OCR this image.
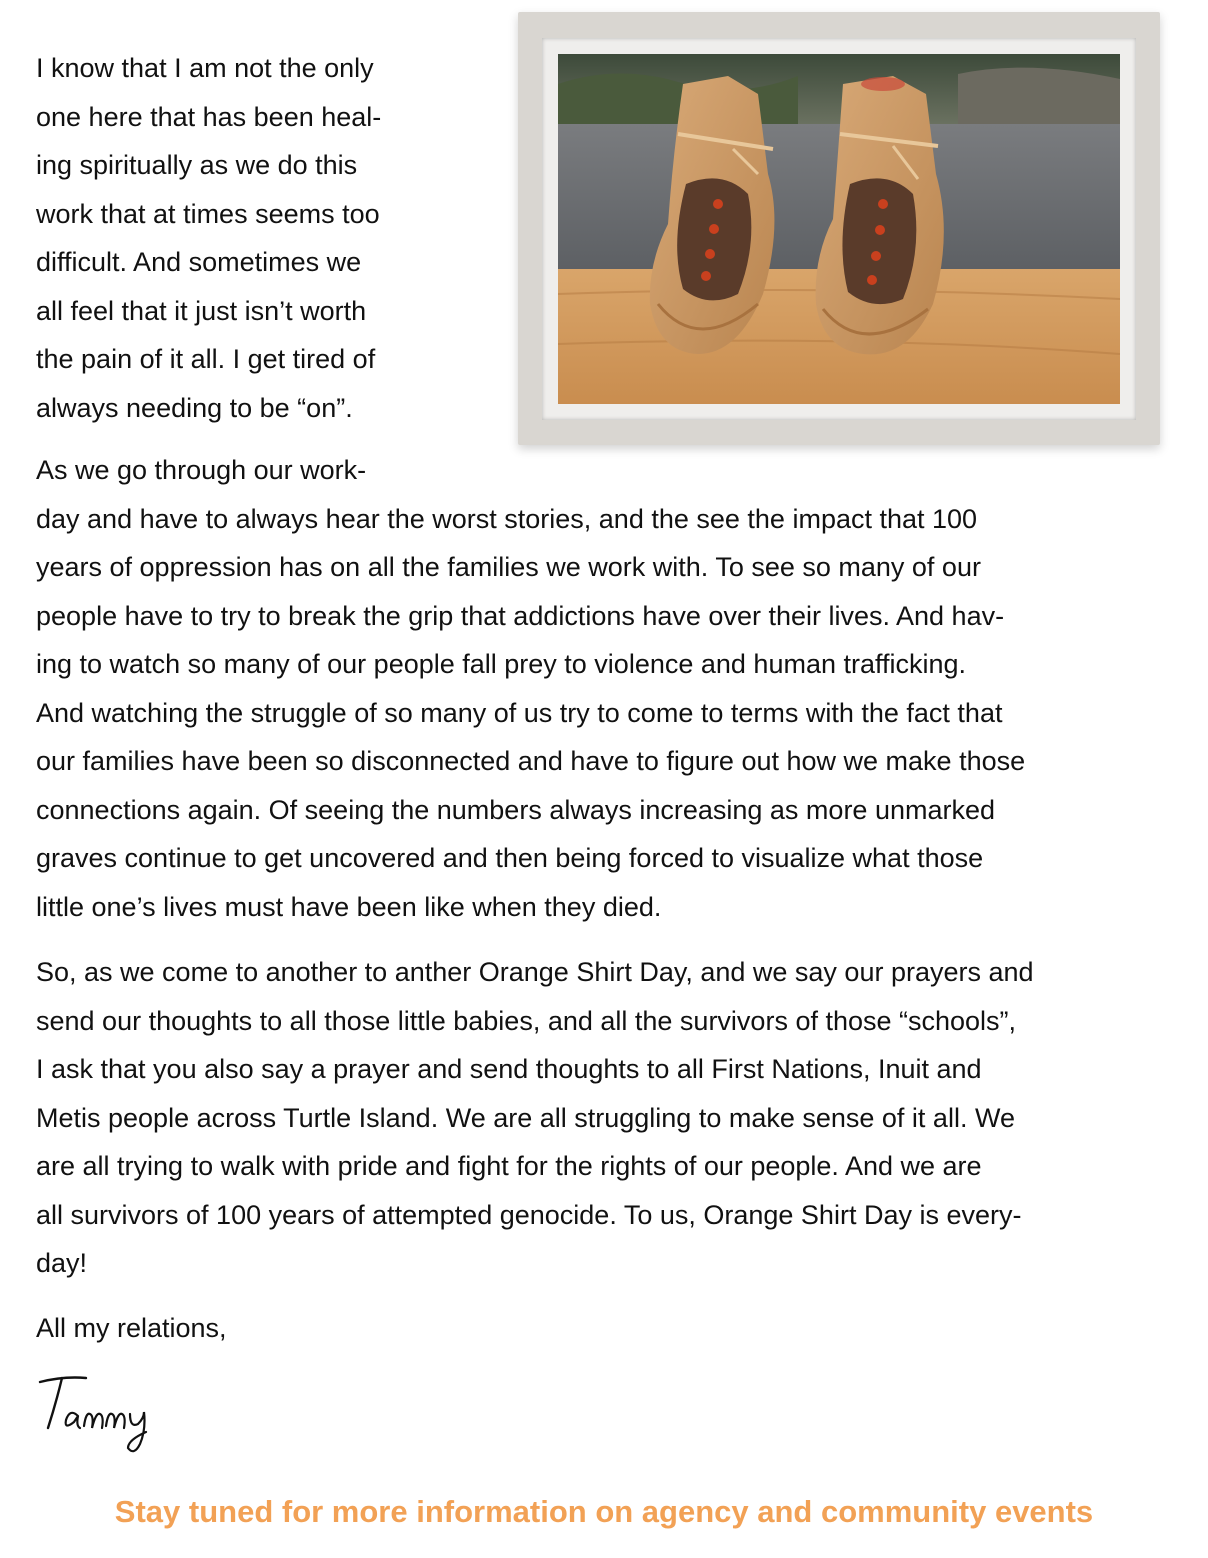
I know that I am not the only
one here that has been heal-
ing spiritually as we do this
work that at times seems too
difficult. And sometimes we
all feel that it just isn’t worth
the pain of it all. I get tired of
always needing to be “on”.

As we go through our work-
day and have to always hear the worst stories, and the see the impact that 100
years of oppression has on all the families we work with. To see so many of our
people have to try to break the grip that addictions have over their lives. And hav-
ing to watch so many of our people fall prey to violence and human trafficking.
And watching the struggle of so many of us try to come to terms with the fact that
our families have been so disconnected and have to figure out how we make those
connections again. Of seeing the numbers always increasing as more unmarked
graves continue to get uncovered and then being forced to visualize what those
little one’s lives must have been like when they died.

So, as we come to another to anther Orange Shirt Day, and we say our prayers and
send our thoughts to all those little babies, and all the survivors of those “schools”,
I ask that you also say a prayer and send thoughts to all First Nations, Inuit and
Metis people across Turtle Island. We are all struggling to make sense of it all. We
are all trying to walk with pride and fight for the rights of our people. And we are
all survivors of 100 years of attempted genocide. To us, Orange Shirt Day is every-
day!

All my relations,

Stay tuned for more information on agency and community events
